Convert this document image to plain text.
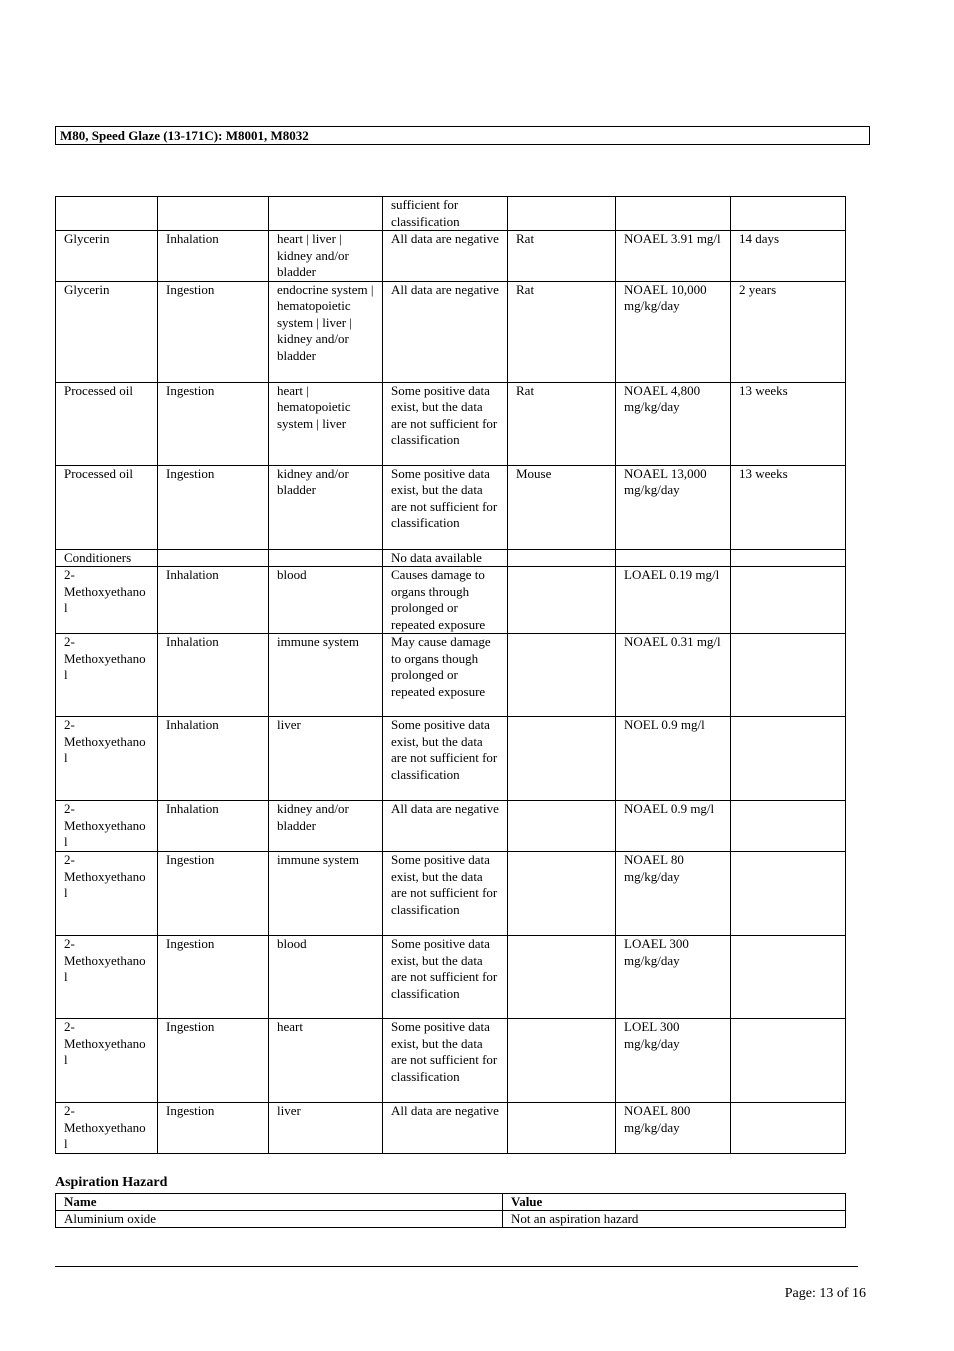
M80, Speed Glaze (13-171C): M8001, M8032
			sufficient for classification			
Glycerin	Inhalation	heart | liver | kidney and/or bladder	All data are negative	Rat	NOAEL 3.91 mg/l	14 days
Glycerin	Ingestion	endocrine system | hematopoietic system | liver | kidney and/or bladder	All data are negative	Rat	NOAEL 10,000 mg/kg/day	2 years
Processed oil	Ingestion	heart | hematopoietic system | liver	Some positive data exist, but the data are not sufficient for classification	Rat	NOAEL 4,800 mg/kg/day	13 weeks
Processed oil	Ingestion	kidney and/or bladder	Some positive data exist, but the data are not sufficient for classification	Mouse	NOAEL 13,000 mg/kg/day	13 weeks
Conditioners			No data available			
2-Methoxyethanol	Inhalation	blood	Causes damage to organs through prolonged or repeated exposure		LOAEL 0.19 mg/l	
2-Methoxyethanol	Inhalation	immune system	May cause damage to organs though prolonged or repeated exposure		NOAEL 0.31 mg/l	
2-Methoxyethanol	Inhalation	liver	Some positive data exist, but the data are not sufficient for classification		NOEL 0.9 mg/l	
2-Methoxyethanol	Inhalation	kidney and/or bladder	All data are negative		NOAEL 0.9 mg/l	
2-Methoxyethanol	Ingestion	immune system	Some positive data exist, but the data are not sufficient for classification		NOAEL 80 mg/kg/day	
2-Methoxyethanol	Ingestion	blood	Some positive data exist, but the data are not sufficient for classification		LOAEL 300 mg/kg/day	
2-Methoxyethanol	Ingestion	heart	Some positive data exist, but the data are not sufficient for classification		LOEL 300 mg/kg/day	
2-Methoxyethanol	Ingestion	liver	All data are negative		NOAEL 800 mg/kg/day	
Aspiration Hazard
Name	Value
Aluminium oxide	Not an aspiration hazard
Page: 13 of 16
